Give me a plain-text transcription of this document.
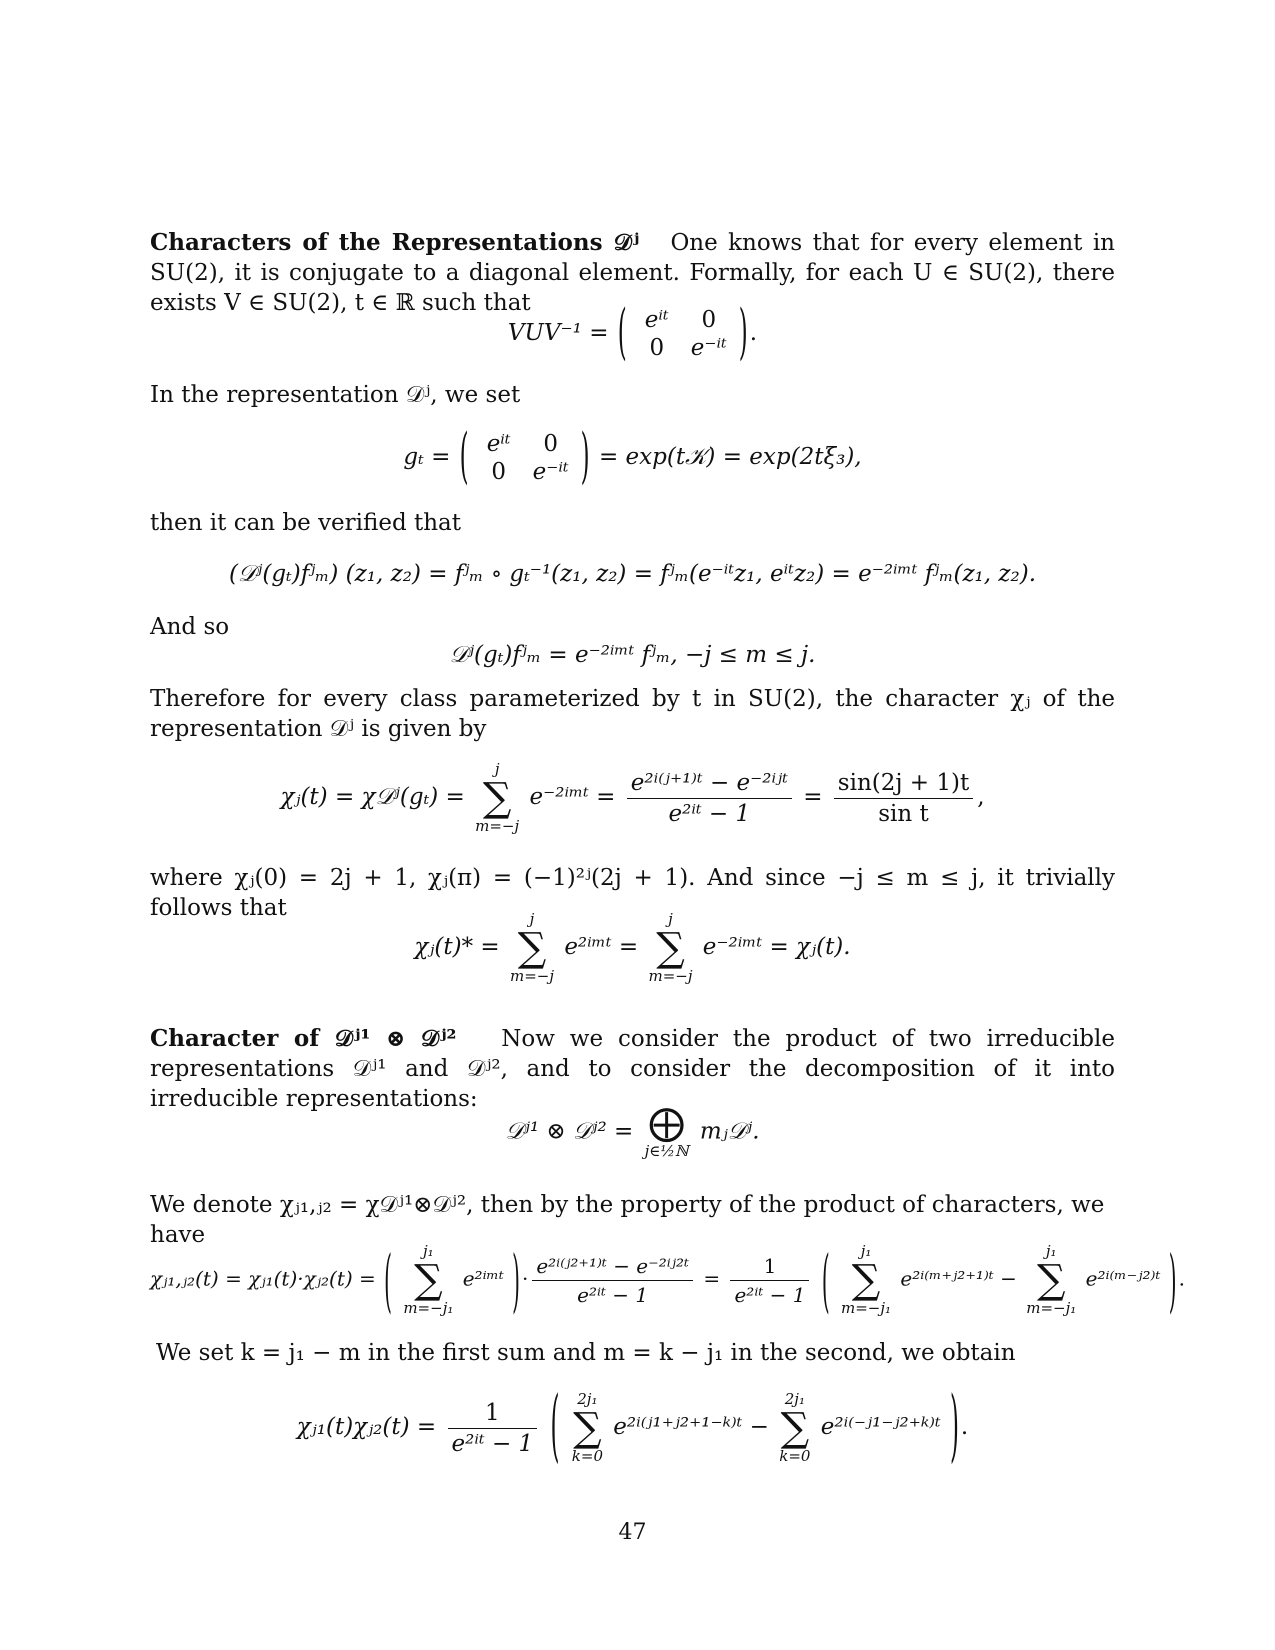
Characters of the Representations 𝒟ʲ One knows that for every element in SU(2), it is conjugate to a diagonal element. Formally, for each U ∈ SU(2), there exists V ∈ SU(2), t ∈ ℝ such that
VUV⁻¹ = ( eⁱᵗ 0
0 e⁻ⁱᵗ ).
In the representation 𝒟ʲ, we set
gₜ = ( eⁱᵗ 0
0 e⁻ⁱᵗ ) = exp(t𝒦) = exp(2tξ₃),
then it can be verified that
(𝒟ʲ(gₜ)fʲₘ) (z₁, z₂) = fʲₘ ∘ gₜ⁻¹(z₁, z₂) = fʲₘ(e⁻ⁱᵗz₁, eⁱᵗz₂) = e⁻²ⁱᵐᵗ fʲₘ(z₁, z₂).
And so
𝒟ʲ(gₜ)fʲₘ = e⁻²ⁱᵐᵗ fʲₘ, −j ≤ m ≤ j.
Therefore for every class parameterized by t in SU(2), the character χⱼ of the representation 𝒟ʲ is given by
χⱼ(t) = χ𝒟ʲ(gₜ) =
j
∑
m=−j
e⁻²ⁱᵐᵗ = $\frac{\text{e²ⁱ⁽ʲ⁺¹⁾ᵗ − e⁻²ⁱʲᵗ}}{\text{e²ⁱᵗ − 1}} = \frac{\sin(2j + 1)t}{\text{sin t}}$ ,
where χⱼ(0) = 2j + 1, χⱼ(π) = (−1)²ʲ(2j + 1). And since −j ≤ m ≤ j, it trivially follows that
χⱼ(t)* =
j
∑
m=−j
e²ⁱᵐᵗ =
j
∑
m=−j
e⁻²ⁱᵐᵗ = χⱼ(t).
Character of 𝒟ʲ¹ ⊗ 𝒟ʲ² Now we consider the product of two irreducible representations 𝒟ʲ¹ and 𝒟ʲ², and to consider the decomposition of it into irreducible representations:
𝒟ʲ¹ ⊗ 𝒟ʲ² = ⨁
j∈½ℕ
mⱼ𝒟ʲ.
We denote χⱼ₁,ⱼ₂ = χ𝒟ʲ¹⊗𝒟ʲ², then by the property of the product of characters, we have
χⱼ₁,ⱼ₂(t) = χⱼ₁(t)·χⱼ₂(t) = (	j₁
∑
m=−j₁
e²ⁱᵐᵗ ) · $\frac{\text{e²ⁱ⁽ʲ²⁺¹⁾ᵗ − e⁻²ⁱʲ²ᵗ}}{\text{e²ⁱᵗ − 1}} = \frac{1}{\text{e²ⁱᵗ − 1}}$ (	j₁
∑
m=−j₁
e²ⁱ⁽ᵐ⁺ʲ²⁺¹⁾ᵗ −
j₁
∑
m=−j₁
e²ⁱ⁽ᵐ⁻ʲ²⁾ᵗ ) .
We set k = j₁ − m in the first sum and m = k − j₁ in the second, we obtain
χⱼ₁(t)χⱼ₂(t) = $\frac{1}{\text{e²ⁱᵗ − 1}}$ (	2j₁
∑
k=0
e²ⁱ⁽ʲ¹⁺ʲ²⁺¹⁻ᵏ⁾ᵗ −
2j₁
∑
k=0
e²ⁱ⁽⁻ʲ¹⁻ʲ²⁺ᵏ⁾ᵗ ).
47
